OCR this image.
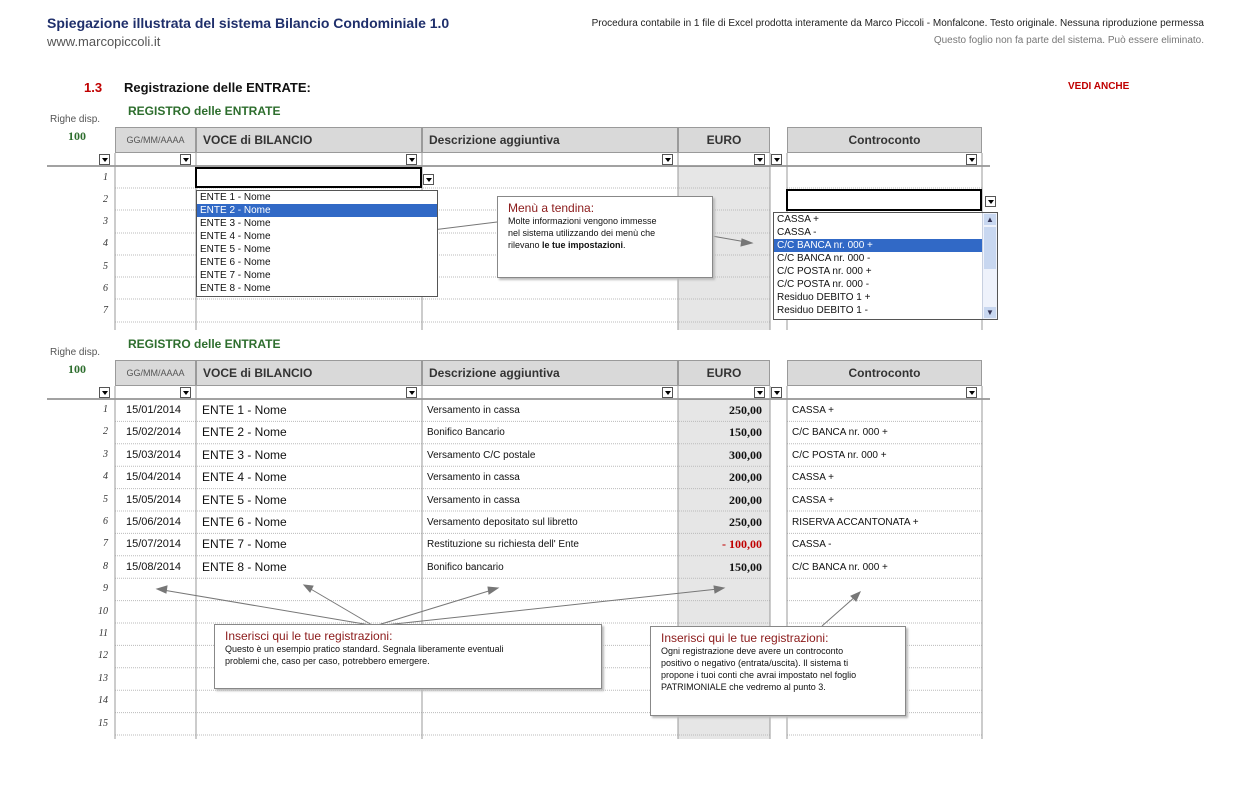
Spiegazione illustrata del sistema Bilancio Condominiale 1.0
www.marcopiccoli.it
Procedura contabile in 1 file di Excel prodotta interamente da Marco Piccoli - Monfalcone. Testo originale. Nessuna riproduzione permessa
Questo foglio non fa parte del sistema. Può essere eliminato.
1.3 Registrazione delle ENTRATE:	VEDI ANCHE
REGISTRO delle ENTRATE
Righe disp.
100	GG/MM/AAAA	VOCE di BILANCIO	Descrizione aggiuntiva	EURO	Controconto
1
2
3
4
5
6
7
ENTE 1 - Nome
ENTE 2 - Nome
ENTE 3 - Nome
ENTE 4 - Nome
ENTE 5 - Nome
ENTE 6 - Nome
ENTE 7 - Nome
ENTE 8 - Nome
Menù a tendina:
Molte informazioni vengono immesse
nel sistema utilizzando dei menù che
rilevano le tue impostazioni.
CASSA +
CASSA -
C/C BANCA nr. 000 +
C/C BANCA nr. 000 -
C/C POSTA nr. 000 +
C/C POSTA nr. 000 -
Residuo DEBITO 1 +
Residuo DEBITO 1 -
▲
▼
REGISTRO delle ENTRATE
Righe disp.
100	GG/MM/AAAA	VOCE di BILANCIO	Descrizione aggiuntiva	EURO	Controconto
1 15/01/2014 ENTE 1 - Nome	Versamento in cassa	250,00	CASSA +
2 15/02/2014 ENTE 2 - Nome	Bonifico Bancario	150,00	C/C BANCA nr. 000 +
3 15/03/2014 ENTE 3 - Nome	Versamento C/C postale	300,00	C/C POSTA nr. 000 +
4 15/04/2014 ENTE 4 - Nome	Versamento in cassa	200,00	CASSA +
5 15/05/2014 ENTE 5 - Nome	Versamento in cassa	200,00	CASSA +
6 15/06/2014 ENTE 6 - Nome	Versamento depositato sul libretto	250,00	RISERVA ACCANTONATA +
7 15/07/2014 ENTE 7 - Nome	Restituzione su richiesta dell' Ente	- 100,00	CASSA -
8 15/08/2014 ENTE 8 - Nome	Bonifico bancario	150,00	C/C BANCA nr. 000 +
9
10
11
12
13
14
15
Inserisci qui le tue registrazioni:
Questo è un esempio pratico standard. Segnala liberamente eventuali
problemi che, caso per caso, potrebbero emergere.
Inserisci qui le tue registrazioni:
Ogni registrazione deve avere un controconto
positivo o negativo (entrata/uscita). Il sistema ti
propone i tuoi conti che avrai impostato nel foglio
PATRIMONIALE che vedremo al punto 3.
